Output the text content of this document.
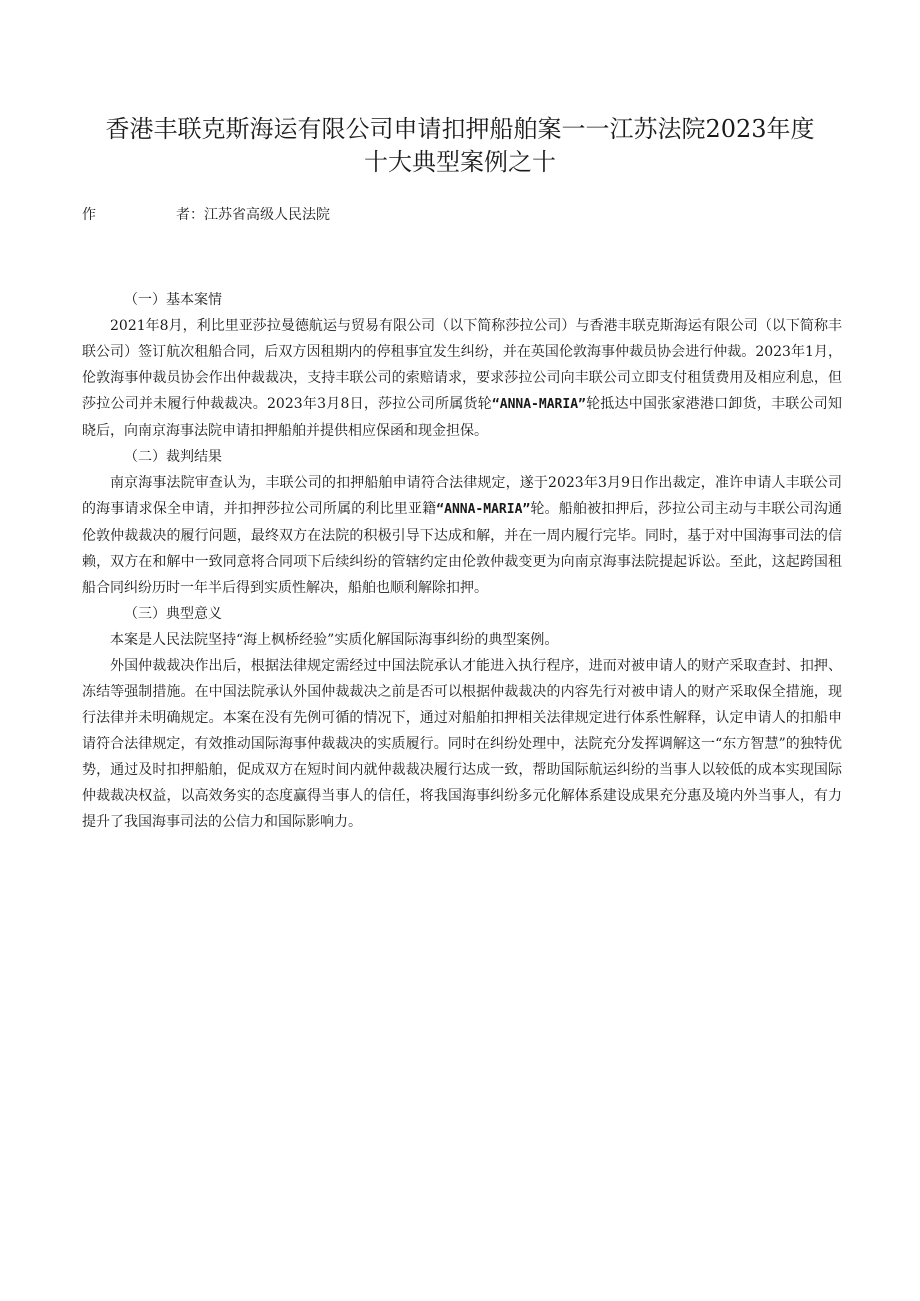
香港丰联克斯海运有限公司申请扣押船舶案一一江苏法院2023年度
十大典型案例之十
作	者： 江苏省高级人民法院

（一）基本案情

2021年8月，利比里亚莎拉曼德航运与贸易有限公司（以下简称莎拉公司）与香港丰联克斯海运有限公司（以下简称丰联公司）签订航次租船合同，后双方因租期内的停租事宜发生纠纷，并在英国伦敦海事仲裁员协会进行仲裁。2023年1月，伦敦海事仲裁员协会作出仲裁裁决，支持丰联公司的索赔请求，要求莎拉公司向丰联公司立即支付租赁费用及相应利息，但莎拉公司并未履行仲裁裁决。2023年3月8日，莎拉公司所属货轮“ANNA-MARIA”轮抵达中国张家港港口卸货，丰联公司知晓后，向南京海事法院申请扣押船舶并提供相应保函和现金担保。

（二）裁判结果

南京海事法院审查认为，丰联公司的扣押船舶申请符合法律规定，遂于2023年3月9日作出裁定，准许申请人丰联公司的海事请求保全申请，并扣押莎拉公司所属的利比里亚籍“ANNA-MARIA”轮。船舶被扣押后，莎拉公司主动与丰联公司沟通伦敦仲裁裁决的履行问题，最终双方在法院的积极引导下达成和解，并在一周内履行完毕。同时，基于对中国海事司法的信赖，双方在和解中一致同意将合同项下后续纠纷的管辖约定由伦敦仲裁变更为向南京海事法院提起诉讼。至此，这起跨国租船合同纠纷历时一年半后得到实质性解决，船舶也顺利解除扣押。

（三）典型意义

本案是人民法院坚持“海上枫桥经验”实质化解国际海事纠纷的典型案例。

外国仲裁裁决作出后，根据法律规定需经过中国法院承认才能进入执行程序，进而对被申请人的财产采取查封、扣押、冻结等强制措施。在中国法院承认外国仲裁裁决之前是否可以根据仲裁裁决的内容先行对被申请人的财产采取保全措施，现行法律并未明确规定。本案在没有先例可循的情况下，通过对船舶扣押相关法律规定进行体系性解释，认定申请人的扣船申请符合法律规定，有效推动国际海事仲裁裁决的实质履行。同时在纠纷处理中，法院充分发挥调解这一“东方智慧”的独特优势，通过及时扣押船舶，促成双方在短时间内就仲裁裁决履行达成一致，帮助国际航运纠纷的当事人以较低的成本实现国际仲裁裁决权益，以高效务实的态度赢得当事人的信任，将我国海事纠纷多元化解体系建设成果充分惠及境内外当事人，有力提升了我国海事司法的公信力和国际影响力。
